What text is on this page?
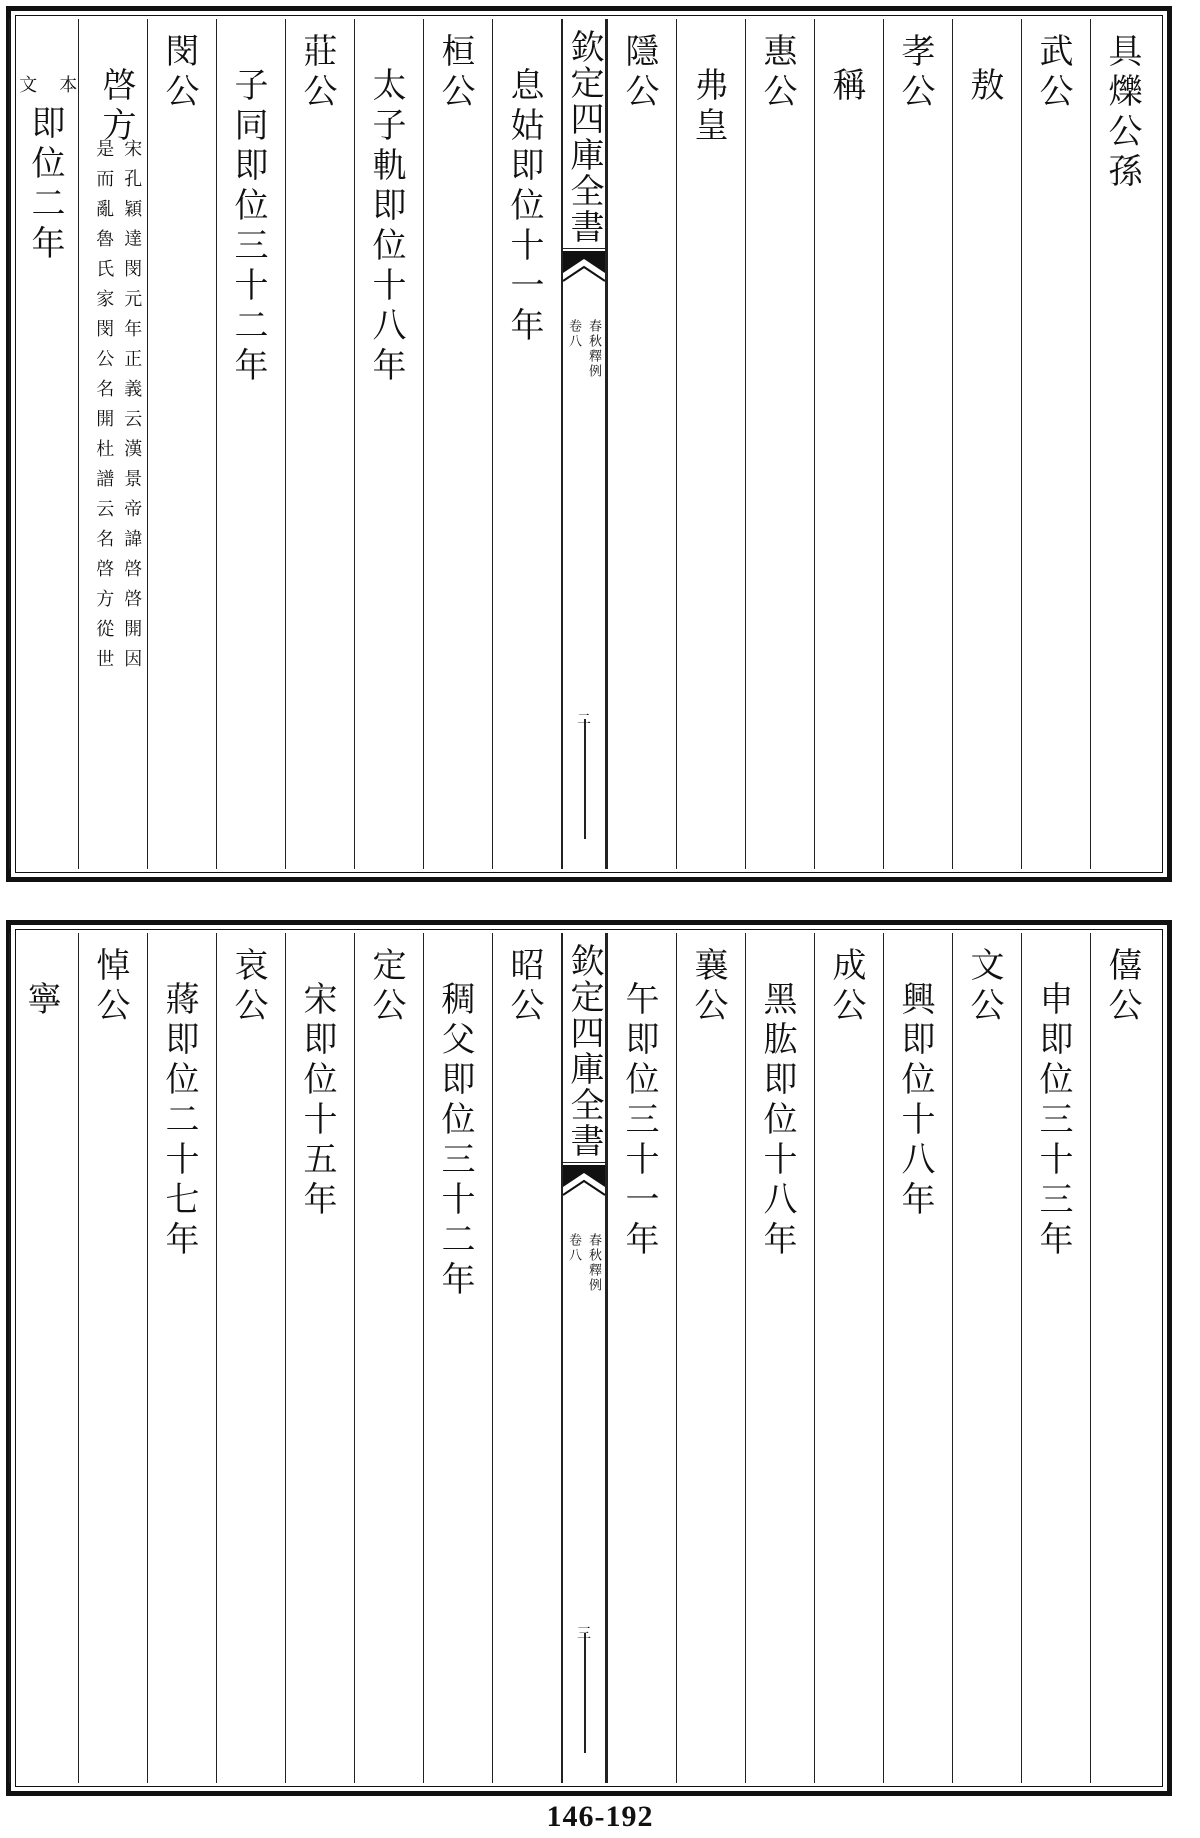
具爍公孫
武公
敖
孝公
稱
惠公
弗皇
隱公
欽定四庫全書
春秋釋例
卷八
二
息姑即位十一年
桓公
太子軌即位十八年
莊公
子同即位三十二年
閔公
啓方
宋孔穎達閔元年正義云漢景帝諱啓啓開因
是而亂魯氏家閔公名開杜譜云名啓方從世
即位二年
本
文
僖公
申即位三十三年
文公
興即位十八年
成公
黑肱即位十八年
襄公
午即位三十一年
欽定四庫全書
春秋釋例
卷八
三
昭公
稠父即位三十二年
定公
宋即位十五年
哀公
蔣即位二十七年
悼公
寧
146-192
